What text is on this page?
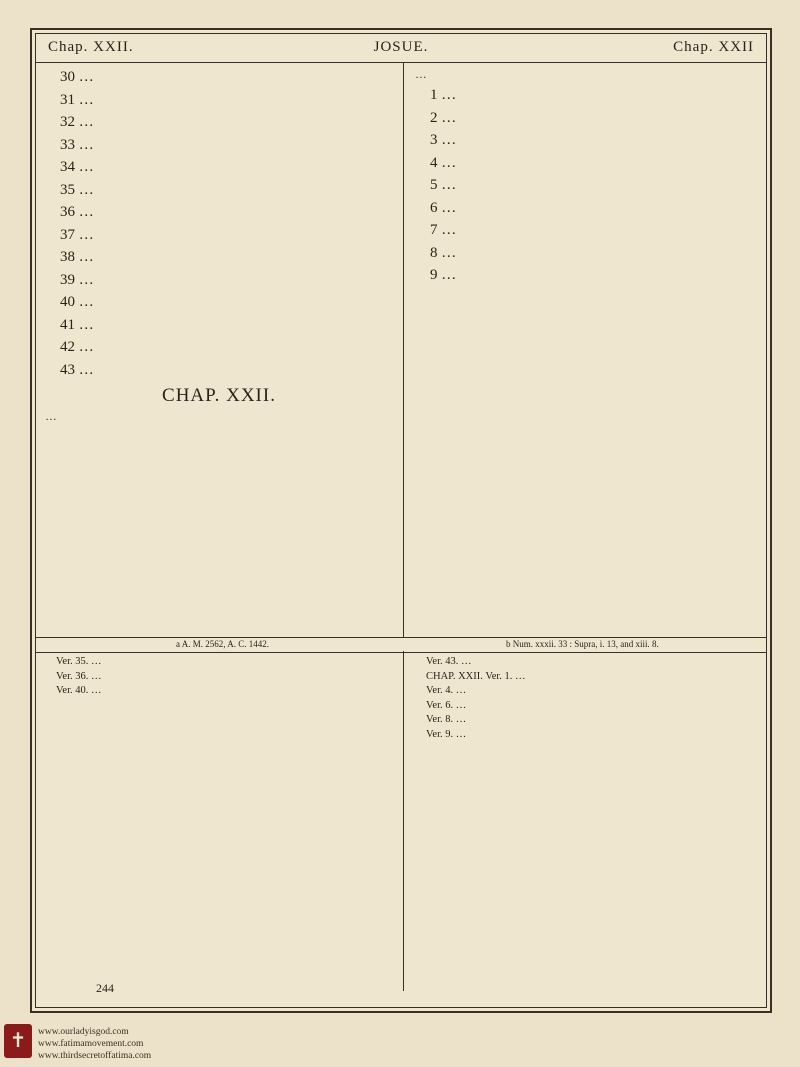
Chap. XXII.	JOSUE.	Chap. XXII

30 …

31 …

32 …

33 …

34 …

35 …

36 …

37 …

38 …

39 …

40 …

41 …

42 …

43 …

CHAP. XXII.
…
…

1 …

2 …

3 …

4 …

5 …

6 …

7 …

8 …

9 …

a A. M. 2562, A. C. 1442.	b Num. xxxii. 33 : Supra, i. 13, and xiii. 8.

Ver. 35. …

Ver. 36. …

Ver. 40. …

Ver. 43. …

CHAP. XXII. Ver. 1. …

Ver. 4. …

Ver. 6. …

Ver. 8. …

Ver. 9. …

244
✝	www.ourladyisgod.com
www.fatimamovement.com
www.thirdsecretoffatima.com
